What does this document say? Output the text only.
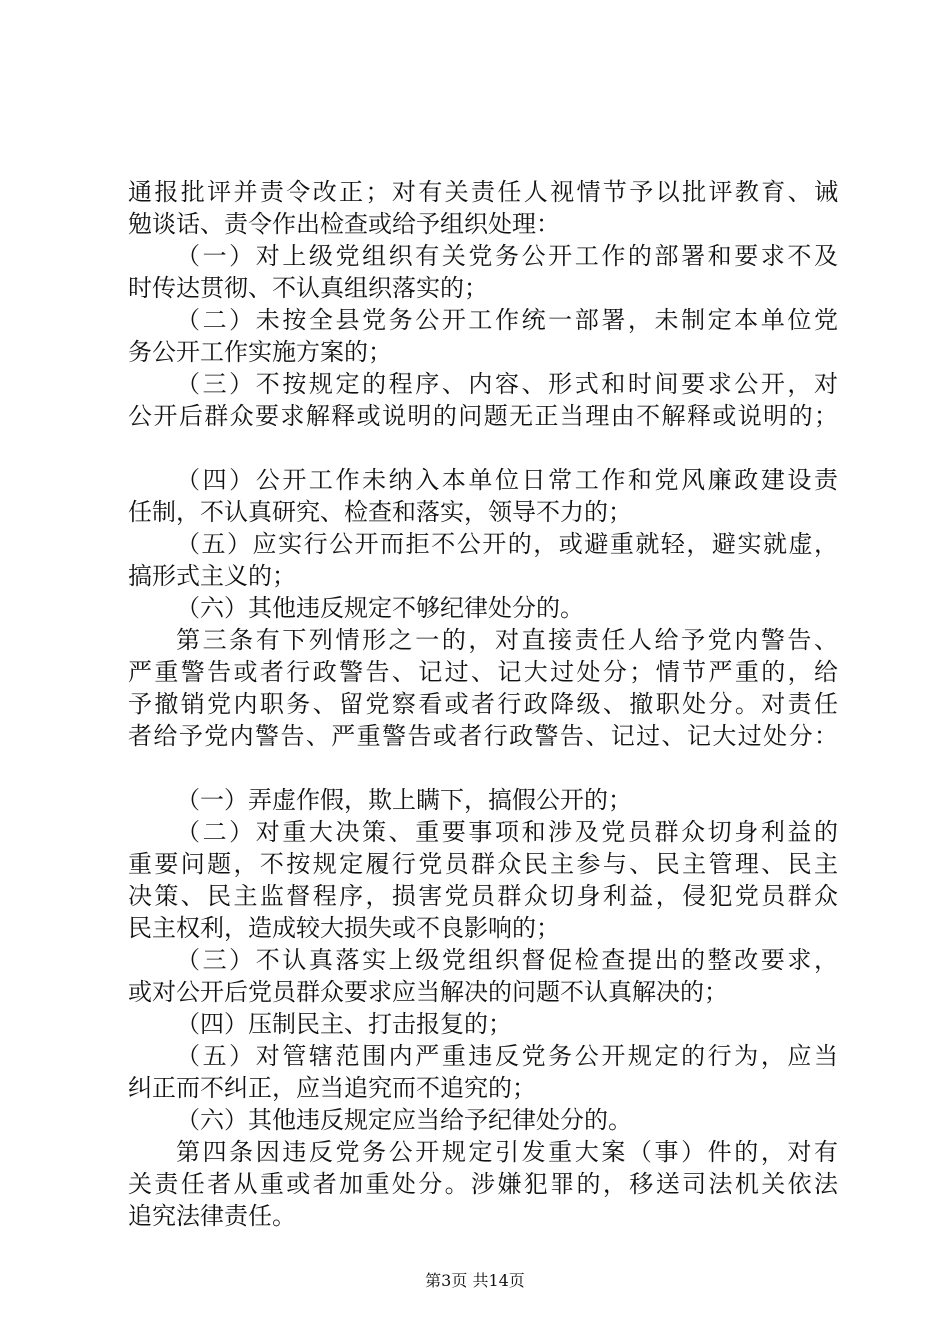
通报批评并责令改正；对有关责任人视情节予以批评教育、诫
勉谈话、责令作出检查或给予组织处理：
（一）对上级党组织有关党务公开工作的部署和要求不及
时传达贯彻、不认真组织落实的；
（二）未按全县党务公开工作统一部署，未制定本单位党
务公开工作实施方案的；
（三）不按规定的程序、内容、形式和时间要求公开，对
公开后群众要求解释或说明的问题无正当理由不解释或说明的；
（四）公开工作未纳入本单位日常工作和党风廉政建设责
任制，不认真研究、检查和落实，领导不力的；
（五）应实行公开而拒不公开的，或避重就轻，避实就虚，
搞形式主义的；
（六）其他违反规定不够纪律处分的。
第三条有下列情形之一的，对直接责任人给予党内警告、
严重警告或者行政警告、记过、记大过处分；情节严重的，给
予撤销党内职务、留党察看或者行政降级、撤职处分。对责任
者给予党内警告、严重警告或者行政警告、记过、记大过处分：
（一）弄虚作假，欺上瞒下，搞假公开的；
（二）对重大决策、重要事项和涉及党员群众切身利益的
重要问题，不按规定履行党员群众民主参与、民主管理、民主
决策、民主监督程序，损害党员群众切身利益，侵犯党员群众
民主权利，造成较大损失或不良影响的；
（三）不认真落实上级党组织督促检查提出的整改要求，
或对公开后党员群众要求应当解决的问题不认真解决的；
（四）压制民主、打击报复的；
（五）对管辖范围内严重违反党务公开规定的行为，应当
纠正而不纠正，应当追究而不追究的；
（六）其他违反规定应当给予纪律处分的。
第四条因违反党务公开规定引发重大案（事）件的，对有
关责任者从重或者加重处分。涉嫌犯罪的，移送司法机关依法
追究法律责任。
第3页 共14页
